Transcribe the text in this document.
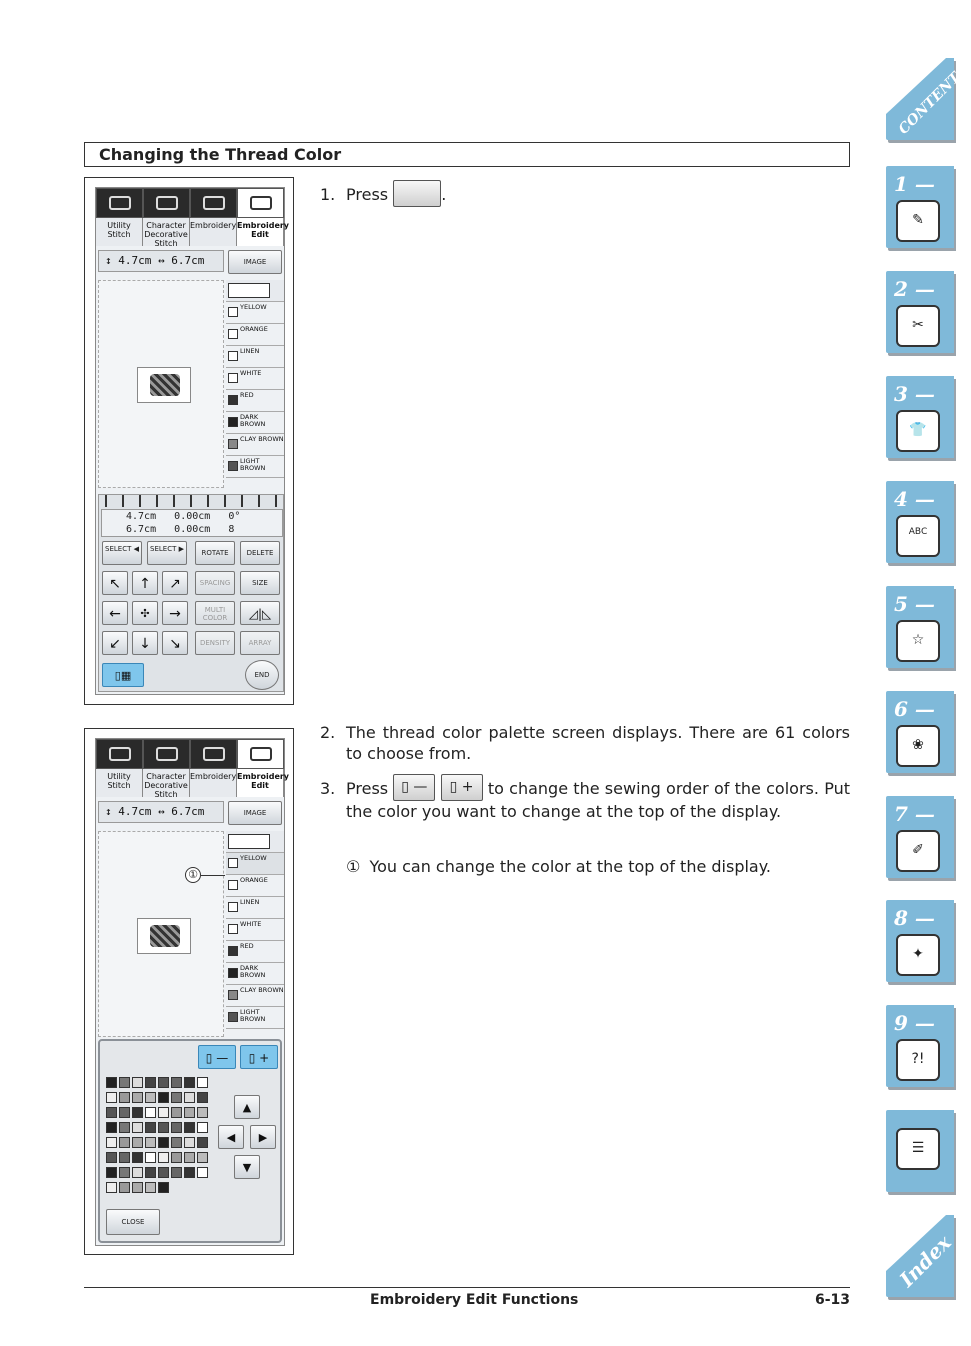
Changing the Thread Color
Utility Stitch
Character Decorative Stitch
Embroidery Embroidery Edit
↕ 4.7cm ↔ 6.7cm	IMAGE
YELLOW
ORANGE
LINEN
WHITE
RED
DARK BROWN
CLAY BROWN
LIGHT BROWN
4.7cm 0.00cm 0°
6.7cm 0.00cm 8
SELECT ◀	SELECT ▶	ROTATE	DELETE
↖	↑	↗	SPACING	SIZE
←	✣	→	MULTI COLOR	◿|◺
↙	↓	↘	DENSITY	ARRAY
▯▦	END
1. Press	.
Utility Stitch
Character Decorative Stitch
Embroidery Embroidery Edit
↕ 4.7cm ↔ 6.7cm	IMAGE
YELLOW
ORANGE
LINEN
WHITE
RED
DARK BROWN
CLAY BROWN
LIGHT BROWN
▯ —	▯ +
▲
◀	▶
▼
CLOSE
①
2. The thread color palette screen displays. There are 61 colors to choose from.
3. Press ▯ — ▯ + to change the sewing order of the colors. Put the color you want to change at the top of the display.
① You can change the color at the top of the display.
Embroidery Edit Functions	6-13
CONTENTS
1 —
✎
2 —
✂
3 —
👕
4 —
ABC
5 —
☆
6 —
❀
7 —
✐
8 —
✦
9 —
?!
☰
Index
